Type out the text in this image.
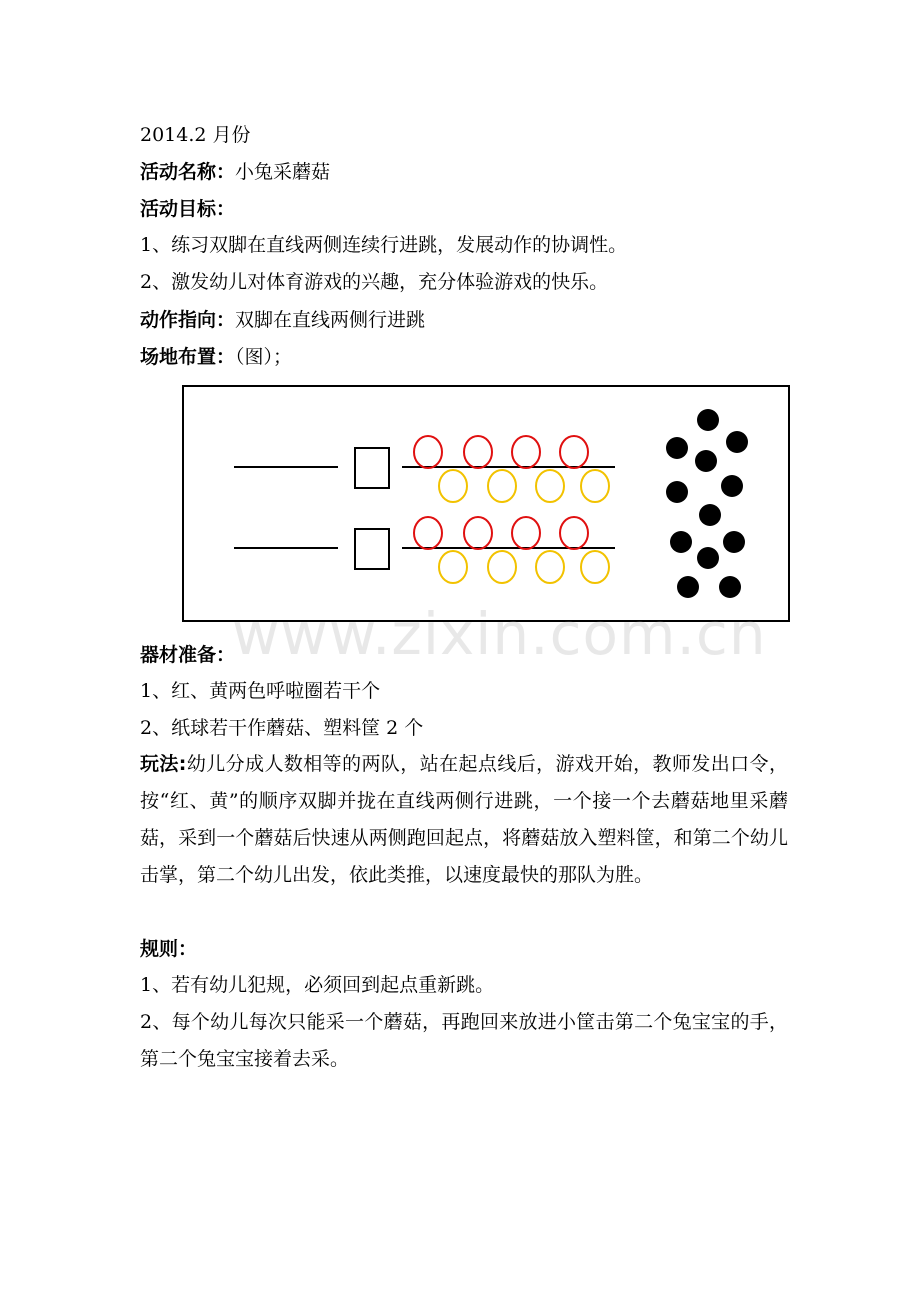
2014.2 月份
活动名称：小兔采蘑菇
活动目标：
1、练习双脚在直线两侧连续行进跳，发展动作的协调性。
2、激发幼儿对体育游戏的兴趣，充分体验游戏的快乐。
动作指向：双脚在直线两侧行进跳
场地布置：（图）；
www.zixin.com.cn
器材准备：
1、红、黄两色呼啦圈若干个
2、纸球若干作蘑菇、塑料筐 2 个

玩法:幼儿分成人数相等的两队，站在起点线后，游戏开始，教师发出口令，按“红、黄”的顺序双脚并拢在直线两侧行进跳，一个接一个去蘑菇地里采蘑菇，采到一个蘑菇后快速从两侧跑回起点，将蘑菇放入塑料筐，和第二个幼儿击掌，第二个幼儿出发，依此类推，以速度最快的那队为胜。

规则：
1、若有幼儿犯规，必须回到起点重新跳。

2、每个幼儿每次只能采一个蘑菇，再跑回来放进小筐击第二个兔宝宝的手，第二个兔宝宝接着去采。
